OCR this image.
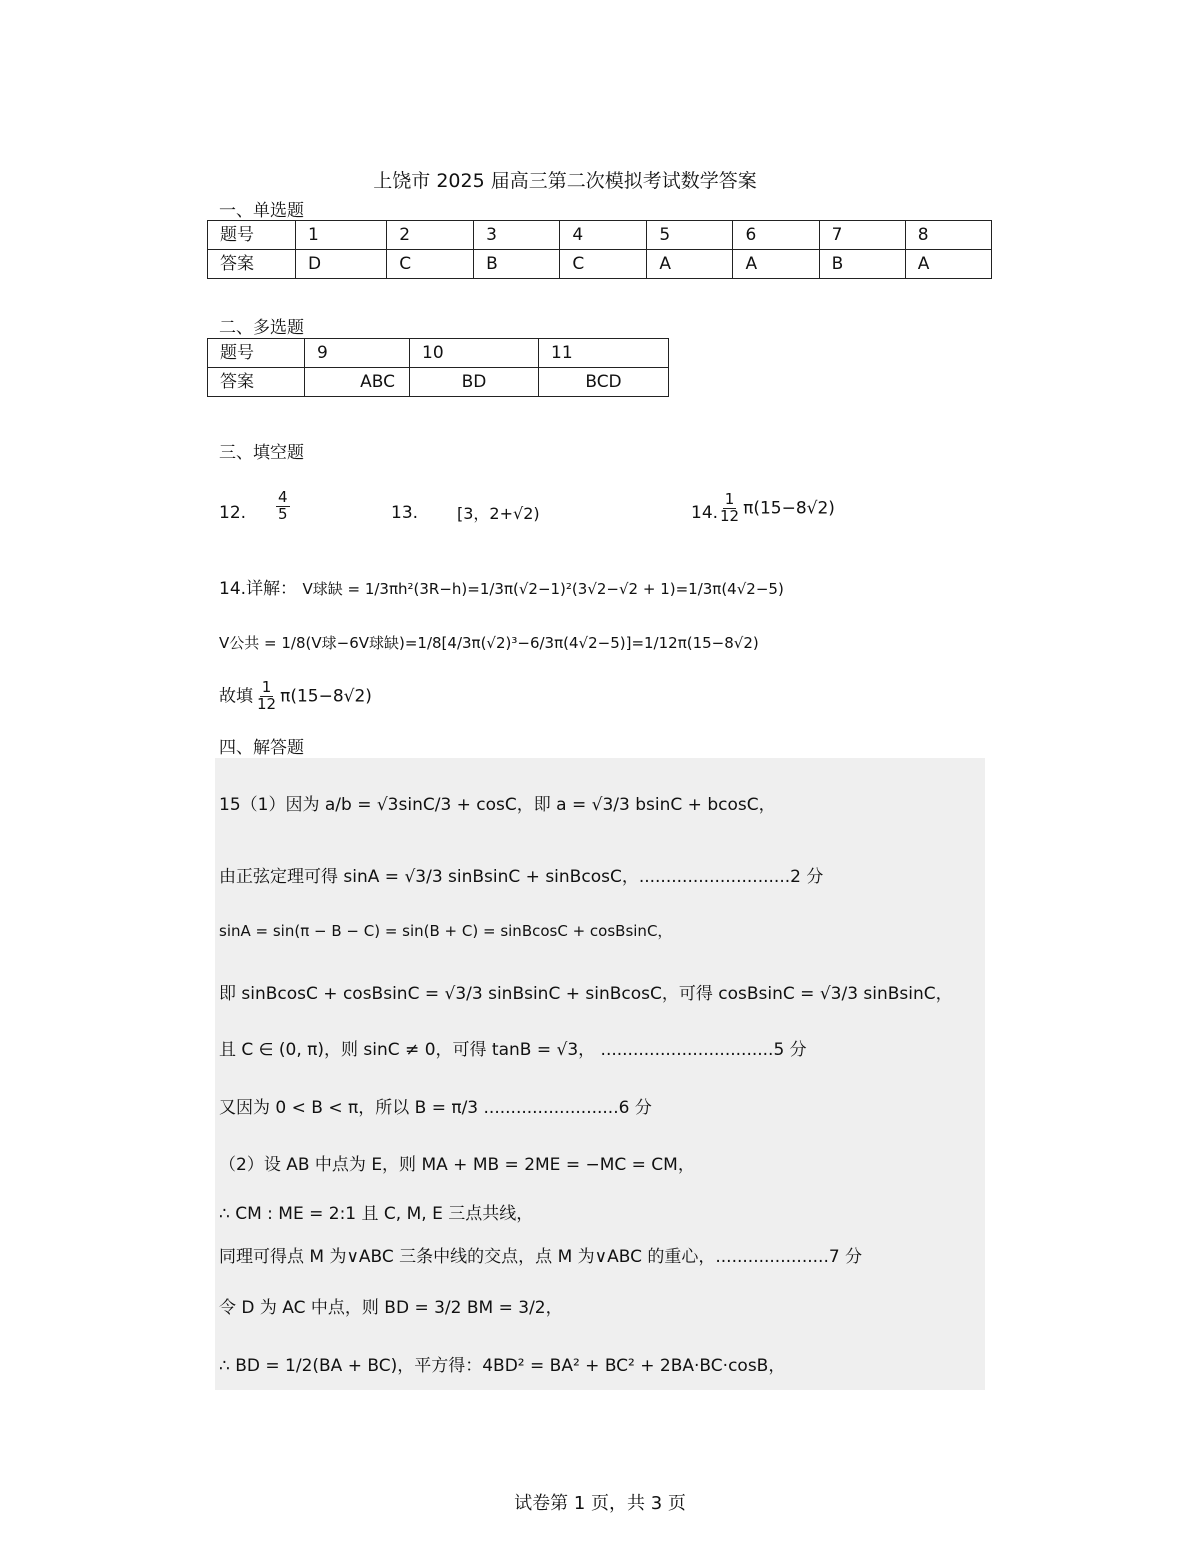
上饶市 2025 届高三第二次模拟考试数学答案
一、单选题
题号	1	2	3	4	5	6	7	8
答案	D	C	B	C	A	A	B	A
二、多选题
题号	9	10	11
答案	ABC	BD	BCD
三、填空题
12. $\frac{4}{5}$	13. [3，2+√2)	14. $\frac{1}{12} \pi(15-8√2)$
14.详解： V球缺 = 1/3πh²(3R−h)=1/3π(√2−1)²(3√2−√2 + 1)=1/3π(4√2−5)
V公共 = 1/8(V球−6V球缺)=1/8[4/3π(√2)³−6/3π(4√2−5)]=1/12π(15−8√2)
故填 $\frac{1}{12} \pi(15-8√2)$
四、解答题
15（1）因为 a/b = √3sinC/3 + cosC，即 a = √3/3 bsinC + bcosC，
由正弦定理可得 sinA = √3/3 sinBsinC + sinBcosC，............................2 分
sinA = sin(π − B − C) = sin(B + C) = sinBcosC + cosBsinC，
即 sinBcosC + cosBsinC = √3/3 sinBsinC + sinBcosC，可得 cosBsinC = √3/3 sinBsinC，
且 C ∈ (0, π)，则 sinC ≠ 0，可得 tanB = √3， ................................5 分
又因为 0 < B < π，所以 B = π/3 .........................6 分
（2）设 AB 中点为 E，则 MA + MB = 2ME = −MC = CM，
∴ CM : ME = 2:1 且 C, M, E 三点共线，
同理可得点 M 为∨ABC 三条中线的交点，点 M 为∨ABC 的重心，.....................7 分
令 D 为 AC 中点，则 BD = 3/2 BM = 3/2，
∴ BD = 1/2(BA + BC)，平方得：4BD² = BA² + BC² + 2BA·BC·cosB，
试卷第 1 页，共 3 页
